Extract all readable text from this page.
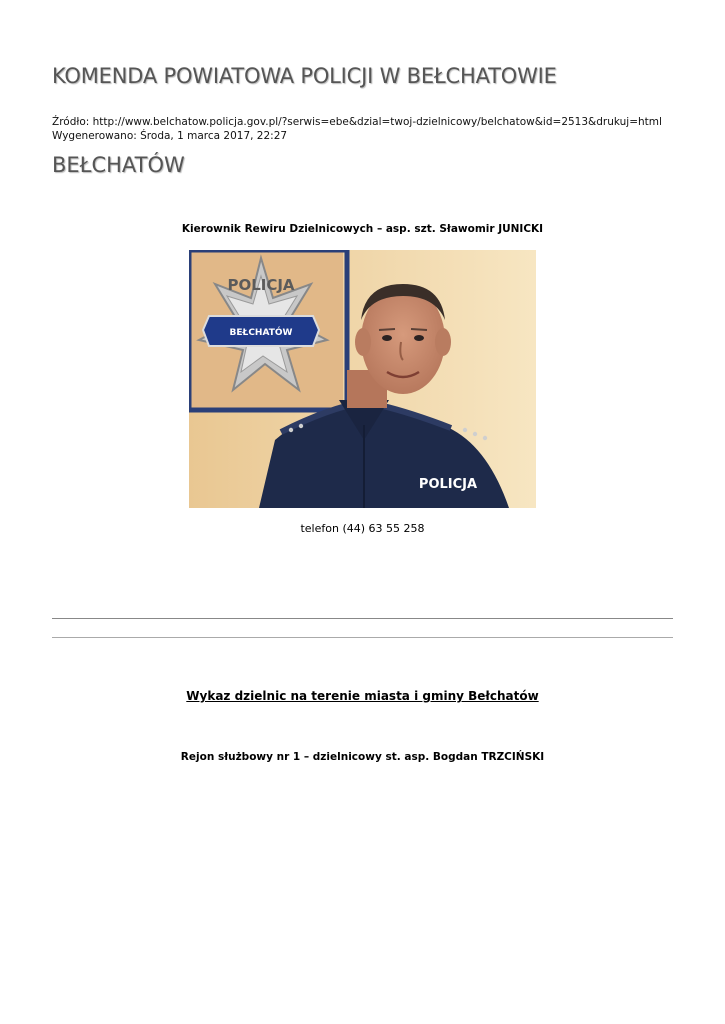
KOMENDA POWIATOWA POLICJI W BEŁCHATOWIE
Źródło: http://www.belchatow.policja.gov.pl/?serwis=ebe&dzial=twoj-dzielnicowy/belchatow&id=2513&drukuj=html
Wygenerowano: Środa, 1 marca 2017, 22:27
BEŁCHATÓW
Kierownik Rewiru Dzielnicowych – asp. szt. Sławomir JUNICKI
POLICJA
BEŁCHATÓW
POLICJA
telefon (44) 63 55 258
Wykaz dzielnic na terenie miasta i gminy Bełchatów
Rejon służbowy nr 1 – dzielnicowy st. asp. Bogdan TRZCIŃSKI
